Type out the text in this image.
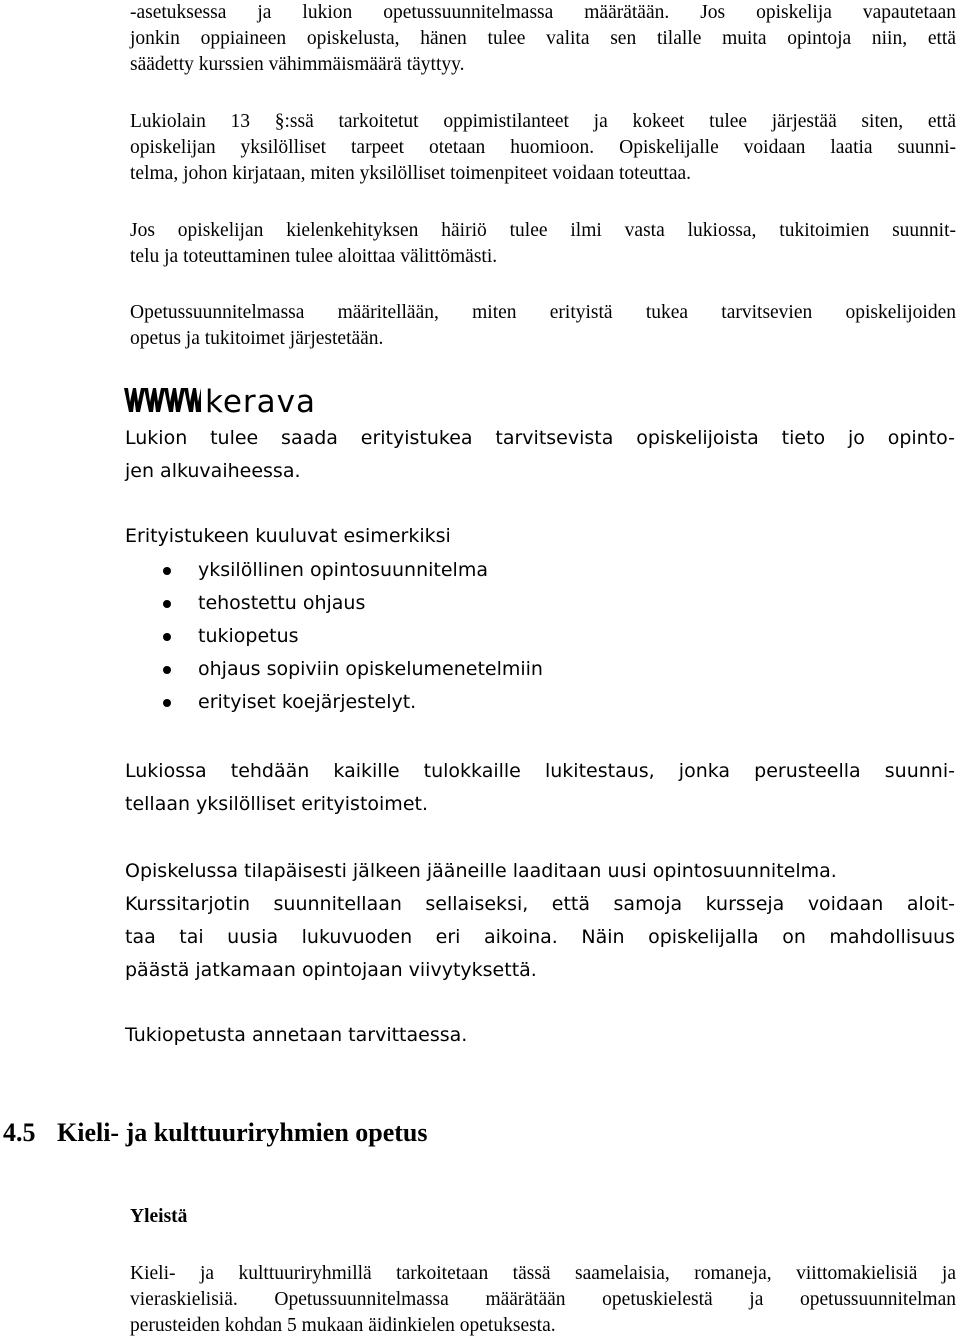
-asetuksessa ja lukion opetussuunnitelmassa määrätään. Jos opiskelija vapautetaan
jonkin oppiaineen opiskelusta, hänen tulee valita sen tilalle muita opintoja niin, että
säädetty kurssien vähimmäismäärä täyttyy.
Lukiolain 13 §:ssä tarkoitetut oppimistilanteet ja kokeet tulee järjestää siten, että
opiskelijan yksilölliset tarpeet otetaan huomioon. Opiskelijalle voidaan laatia suunni-
telma, johon kirjataan, miten yksilölliset toimenpiteet voidaan toteuttaa.
Jos opiskelijan kielenkehityksen häiriö tulee ilmi vasta lukiossa, tukitoimien suunnit-
telu ja toteuttaminen tulee aloittaa välittömästi.
Opetussuunnitelmassa määritellään, miten erityistä tukea tarvitsevien opiskelijoiden
opetus ja tukitoimet järjestetään.
kerava
Lukion tulee saada erityistukea tarvitsevista opiskelijoista tieto jo opinto-
jen alkuvaiheessa.
Erityistukeen kuuluvat esimerkiksi
yksilöllinen opintosuunnitelma
tehostettu ohjaus
tukiopetus
ohjaus sopiviin opiskelumenetelmiin
erityiset koejärjestelyt.
Lukiossa tehdään kaikille tulokkaille lukitestaus, jonka perusteella suunni-
tellaan yksilölliset erityistoimet.
Opiskelussa tilapäisesti jälkeen jääneille laaditaan uusi opintosuunnitelma.
Kurssitarjotin suunnitellaan sellaiseksi, että samoja kursseja voidaan aloit-
taa tai uusia lukuvuoden eri aikoina. Näin opiskelijalla on mahdollisuus
päästä jatkamaan opintojaan viivytyksettä.
Tukiopetusta annetaan tarvittaessa.
4.5 Kieli- ja kulttuuriryhmien opetus
Yleistä
Kieli- ja kulttuuriryhmillä tarkoitetaan tässä saamelaisia, romaneja, viittomakielisiä ja
vieraskielisiä. Opetussuunnitelmassa määrätään opetuskielestä ja opetussuunnitelman
perusteiden kohdan 5 mukaan äidinkielen opetuksesta.
